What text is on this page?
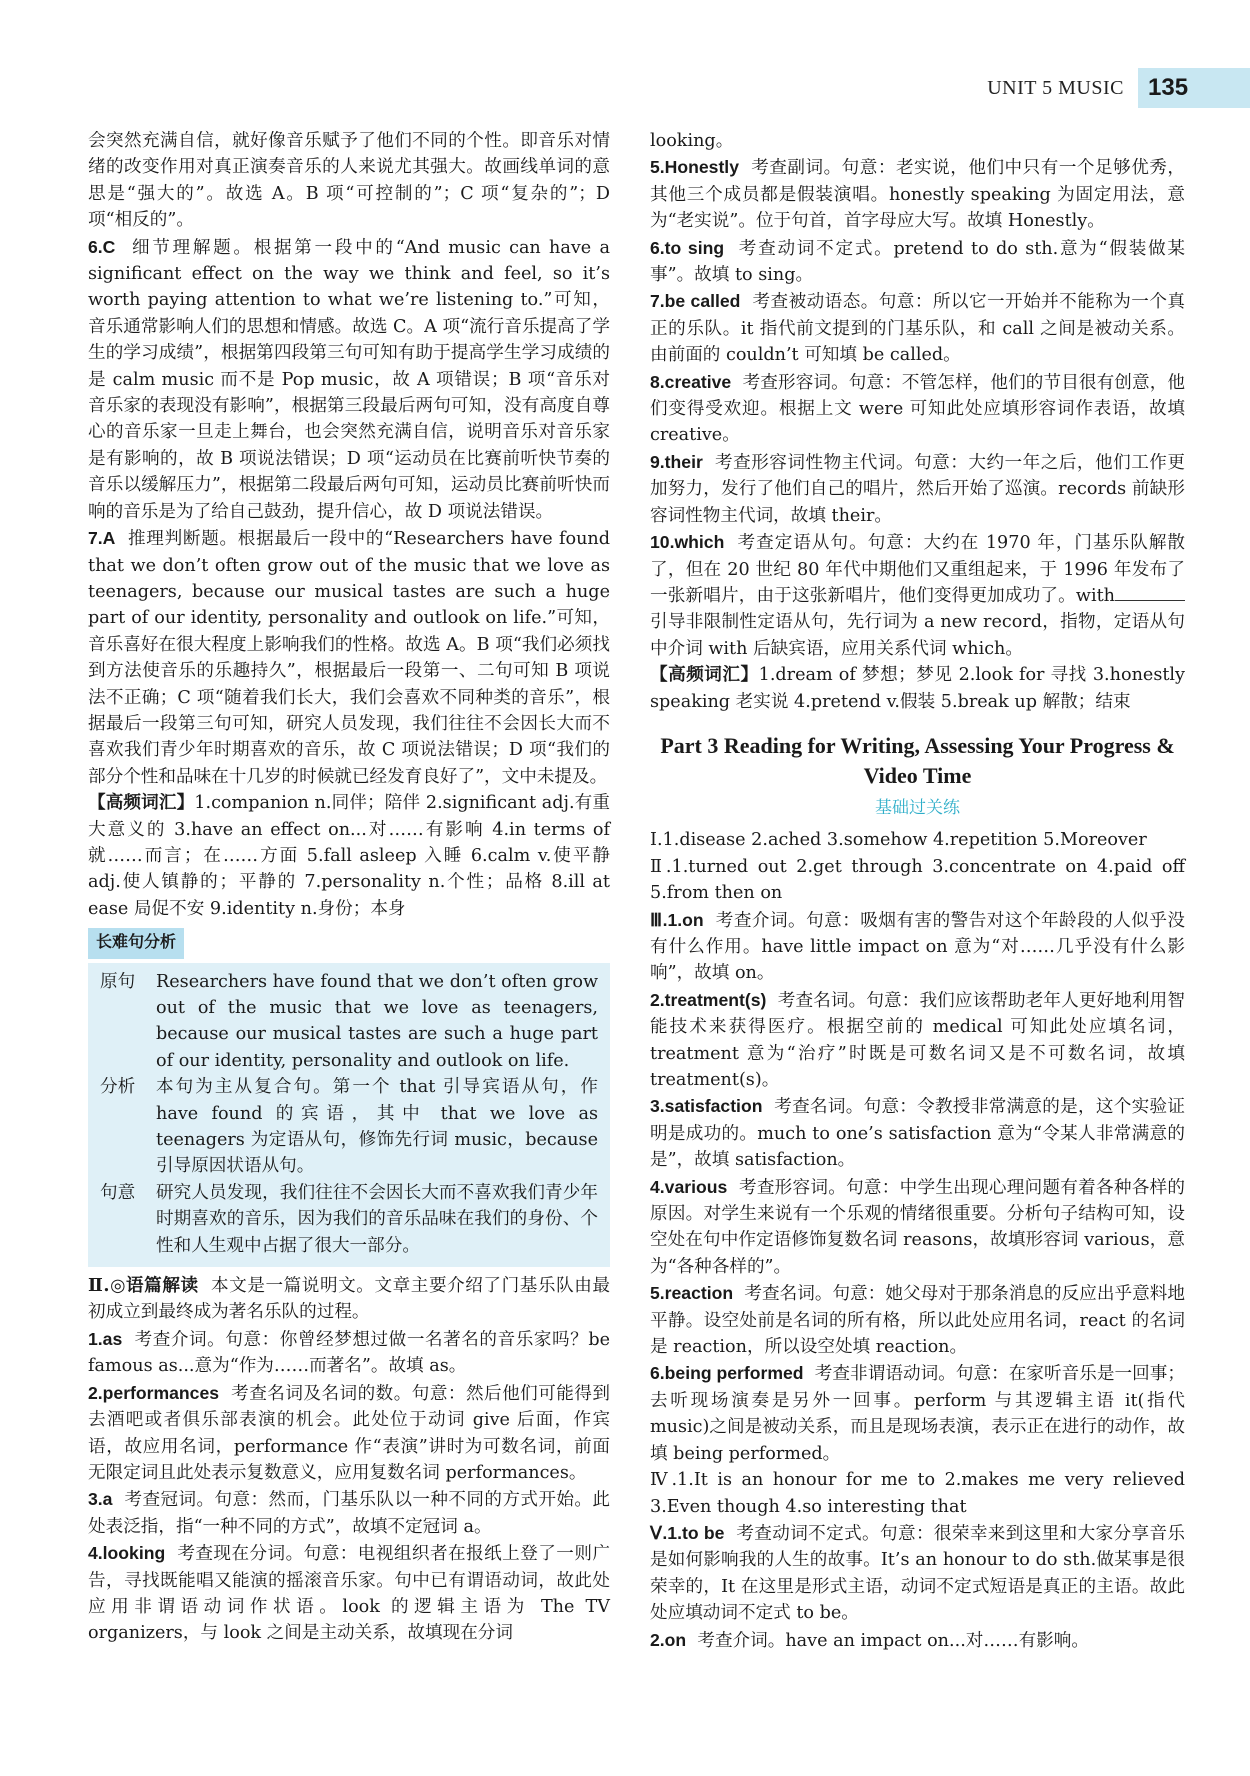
UNIT 5 MUSIC	135

会突然充满自信，就好像音乐赋予了他们不同的个性。即音乐对情绪的改变作用对真正演奏音乐的人来说尤其强大。故画线单词的意思是“强大的”。故选 A。B 项“可控制的”；C 项“复杂的”；D 项“相反的”。

6.C 细节理解题。根据第一段中的“And music can have a significant effect on the way we think and feel, so it’s worth paying attention to what we’re listening to.”可知，音乐通常影响人们的思想和情感。故选 C。A 项“流行音乐提高了学生的学习成绩”，根据第四段第三句可知有助于提高学生学习成绩的是 calm music 而不是 Pop music，故 A 项错误；B 项“音乐对音乐家的表现没有影响”，根据第三段最后两句可知，没有高度自尊心的音乐家一旦走上舞台，也会突然充满自信，说明音乐对音乐家是有影响的，故 B 项说法错误；D 项“运动员在比赛前听快节奏的音乐以缓解压力”，根据第二段最后两句可知，运动员比赛前听快而响的音乐是为了给自己鼓劲，提升信心，故 D 项说法错误。

7.A 推理判断题。根据最后一段中的“Researchers have found that we don’t often grow out of the music that we love as teenagers, because our musical tastes are such a huge part of our identity, personality and outlook on life.”可知，音乐喜好在很大程度上影响我们的性格。故选 A。B 项“我们必须找到方法使音乐的乐趣持久”，根据最后一段第一、二句可知 B 项说法不正确；C 项“随着我们长大，我们会喜欢不同种类的音乐”，根据最后一段第三句可知，研究人员发现，我们往往不会因长大而不喜欢我们青少年时期喜欢的音乐，故 C 项说法错误；D 项“我们的部分个性和品味在十几岁的时候就已经发育良好了”，文中未提及。

【高频词汇】1.companion n.同伴；陪伴 2.significant adj.有重大意义的 3.have an effect on...对……有影响 4.in terms of 就……而言；在……方面 5.fall asleep 入睡 6.calm v.使平静 adj.使人镇静的；平静的 7.personality n.个性；品格 8.ill at ease 局促不安 9.identity n.身份；本身

长难句分析
原句	Researchers have found that we don’t often grow out of the music that we love as teenagers, because our musical tastes are such a huge part of our identity, personality and outlook on life.
分析	本句为主从复合句。第一个 that 引导宾语从句，作 have found 的宾语，其中 that we love as teenagers 为定语从句，修饰先行词 music，because 引导原因状语从句。
句意	研究人员发现，我们往往不会因长大而不喜欢我们青少年时期喜欢的音乐，因为我们的音乐品味在我们的身份、个性和人生观中占据了很大一部分。

Ⅱ.◎语篇解读 本文是一篇说明文。文章主要介绍了门基乐队由最初成立到最终成为著名乐队的过程。

1.as 考查介词。句意：你曾经梦想过做一名著名的音乐家吗？be famous as...意为“作为……而著名”。故填 as。

2.performances 考查名词及名词的数。句意：然后他们可能得到去酒吧或者俱乐部表演的机会。此处位于动词 give 后面，作宾语，故应用名词，performance 作“表演”讲时为可数名词，前面无限定词且此处表示复数意义，应用复数名词 performances。

3.a 考查冠词。句意：然而，门基乐队以一种不同的方式开始。此处表泛指，指“一种不同的方式”，故填不定冠词 a。

4.looking 考查现在分词。句意：电视组织者在报纸上登了一则广告，寻找既能唱又能演的摇滚音乐家。句中已有谓语动词，故此处应用非谓语动词作状语。look 的逻辑主语为 The TV organizers，与 look 之间是主动关系，故填现在分词

looking。

5.Honestly 考查副词。句意：老实说，他们中只有一个足够优秀，其他三个成员都是假装演唱。honestly speaking 为固定用法，意为“老实说”。位于句首，首字母应大写。故填 Honestly。

6.to sing 考查动词不定式。pretend to do sth.意为“假装做某事”。故填 to sing。

7.be called 考查被动语态。句意：所以它一开始并不能称为一个真正的乐队。it 指代前文提到的门基乐队，和 call 之间是被动关系。由前面的 couldn’t 可知填 be called。

8.creative 考查形容词。句意：不管怎样，他们的节目很有创意，他们变得受欢迎。根据上文 were 可知此处应填形容词作表语，故填 creative。

9.their 考查形容词性物主代词。句意：大约一年之后，他们工作更加努力，发行了他们自己的唱片，然后开始了巡演。records 前缺形容词性物主代词，故填 their。

10.which 考查定语从句。句意：大约在 1970 年，门基乐队解散了，但在 20 世纪 80 年代中期他们又重组起来，于 1996 年发布了一张新唱片，由于这张新唱片，他们变得更加成功了。with引导非限制性定语从句，先行词为 a new record，指物，定语从句中介词 with 后缺宾语，应用关系代词 which。

【高频词汇】1.dream of 梦想；梦见 2.look for 寻找 3.honestly speaking 老实说 4.pretend v.假装 5.break up 解散；结束

Part 3 Reading for Writing, Assessing Your Progress & Video Time
基础过关练

Ⅰ.1.disease 2.ached 3.somehow 4.repetition 5.Moreover

Ⅱ.1.turned out 2.get through 3.concentrate on 4.paid off 5.from then on

Ⅲ.1.on 考查介词。句意：吸烟有害的警告对这个年龄段的人似乎没有什么作用。have little impact on 意为“对……几乎没有什么影响”，故填 on。

2.treatment(s) 考查名词。句意：我们应该帮助老年人更好地利用智能技术来获得医疗。根据空前的 medical 可知此处应填名词，treatment 意为“治疗”时既是可数名词又是不可数名词，故填 treatment(s)。

3.satisfaction 考查名词。句意：令教授非常满意的是，这个实验证明是成功的。much to one’s satisfaction 意为“令某人非常满意的是”，故填 satisfaction。

4.various 考查形容词。句意：中学生出现心理问题有着各种各样的原因。对学生来说有一个乐观的情绪很重要。分析句子结构可知，设空处在句中作定语修饰复数名词 reasons，故填形容词 various，意为“各种各样的”。

5.reaction 考查名词。句意：她父母对于那条消息的反应出乎意料地平静。设空处前是名词的所有格，所以此处应用名词，react 的名词是 reaction，所以设空处填 reaction。

6.being performed 考查非谓语动词。句意：在家听音乐是一回事；去听现场演奏是另外一回事。perform 与其逻辑主语 it(指代 music)之间是被动关系，而且是现场表演，表示正在进行的动作，故填 being performed。

Ⅳ.1.It is an honour for me to 2.makes me very relieved 3.Even though 4.so interesting that

Ⅴ.1.to be 考查动词不定式。句意：很荣幸来到这里和大家分享音乐是如何影响我的人生的故事。It’s an honour to do sth.做某事是很荣幸的，It 在这里是形式主语，动词不定式短语是真正的主语。故此处应填动词不定式 to be。

2.on 考查介词。have an impact on...对……有影响。
